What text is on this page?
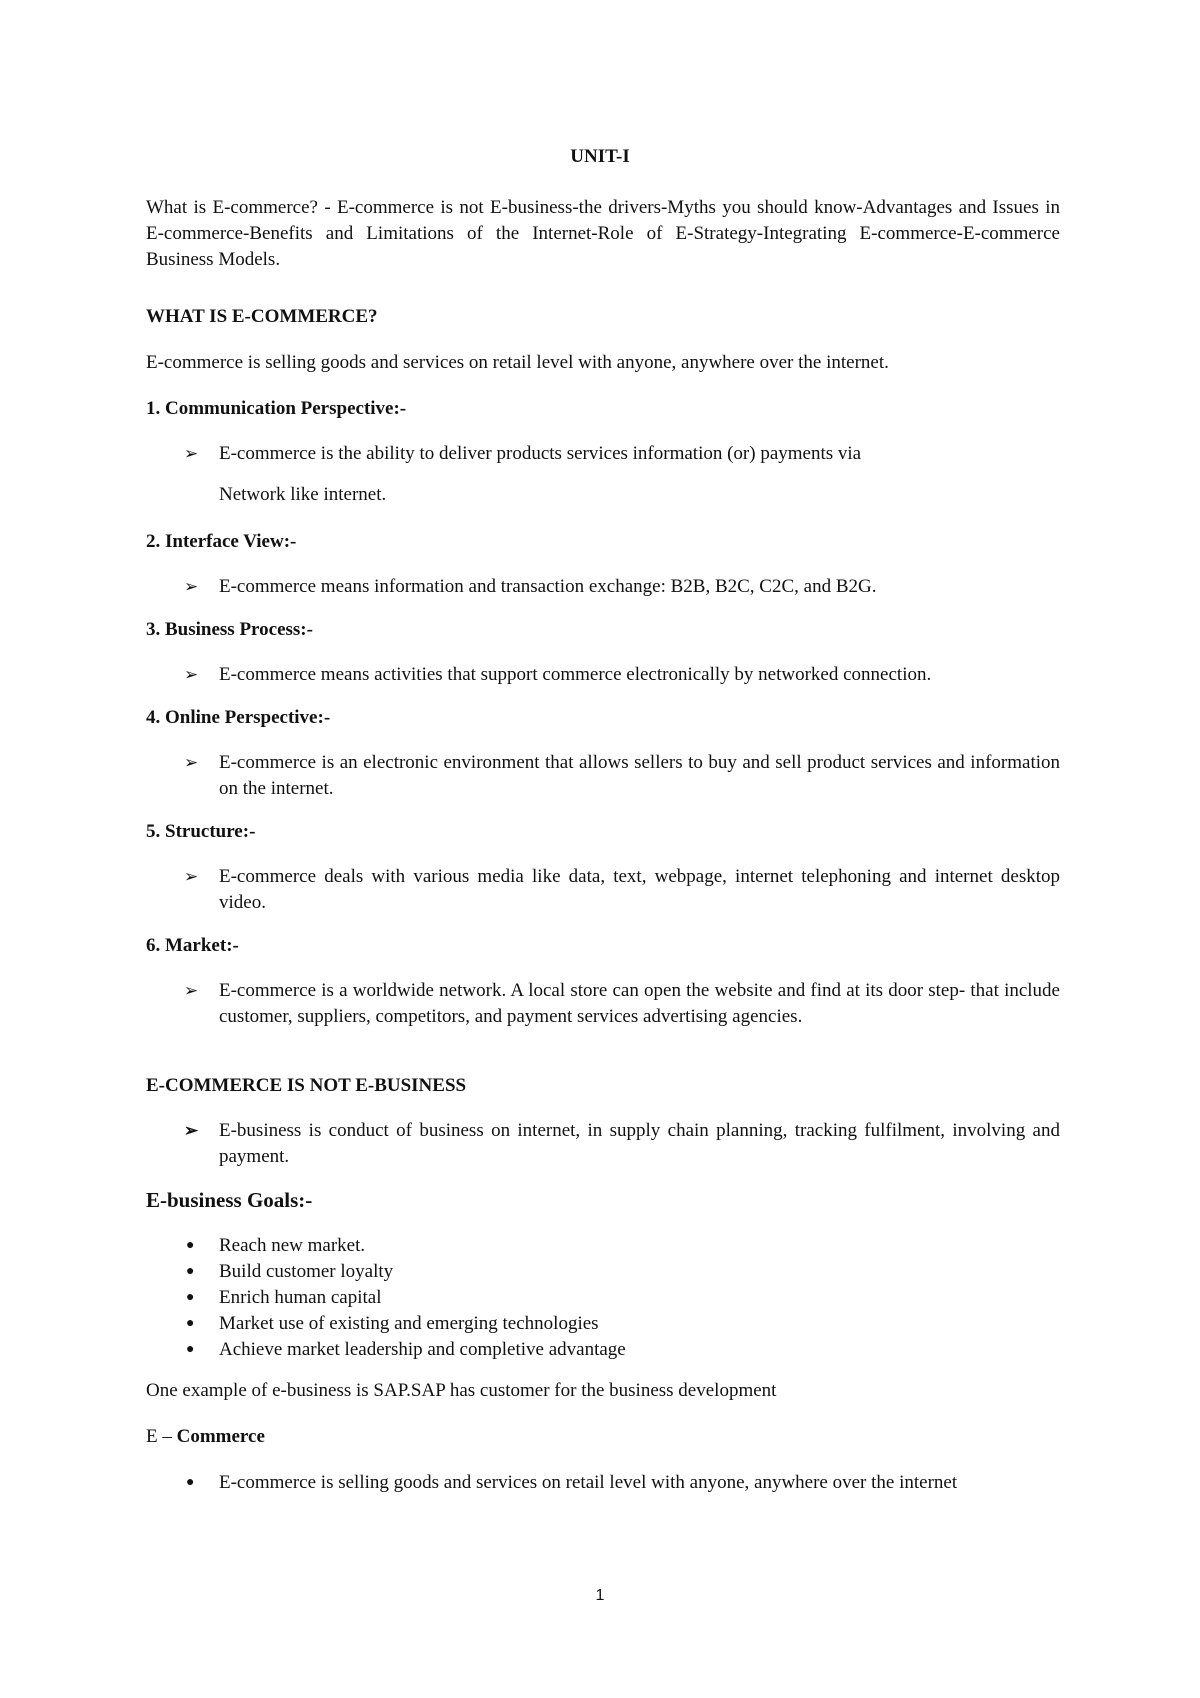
UNIT-I
What is E-commerce? - E-commerce is not E-business-the drivers-Myths you should know-Advantages and Issues in E-commerce-Benefits and Limitations of the Internet-Role of E-Strategy-Integrating E-commerce-E-commerce Business Models.
WHAT IS E-COMMERCE?
E-commerce is selling goods and services on retail level with anyone, anywhere over the internet.
1. Communication Perspective:-
➢	E-commerce is the ability to deliver products services information (or) payments via
Network like internet.
2. Interface View:-
➢	E-commerce means information and transaction exchange: B2B, B2C, C2C, and B2G.
3. Business Process:-
➢	E-commerce means activities that support commerce electronically by networked connection.
4. Online Perspective:-
➢	E-commerce is an electronic environment that allows sellers to buy and sell product services and information on the internet.
5. Structure:-
➢	E-commerce deals with various media like data, text, webpage, internet telephoning and internet desktop video.
6. Market:-
➢	E-commerce is a worldwide network. A local store can open the website and find at its door step- that include customer, suppliers, competitors, and payment services advertising agencies.
E-COMMERCE IS NOT E-BUSINESS
➢	E-business is conduct of business on internet, in supply chain planning, tracking fulfilment, involving and payment.
E-business Goals:-
● Reach new market.
● Build customer loyalty
● Enrich human capital
● Market use of existing and emerging technologies
● Achieve market leadership and completive advantage
One example of e-business is SAP.SAP has customer for the business development
E – Commerce
● E-commerce is selling goods and services on retail level with anyone, anywhere over the internet
1
